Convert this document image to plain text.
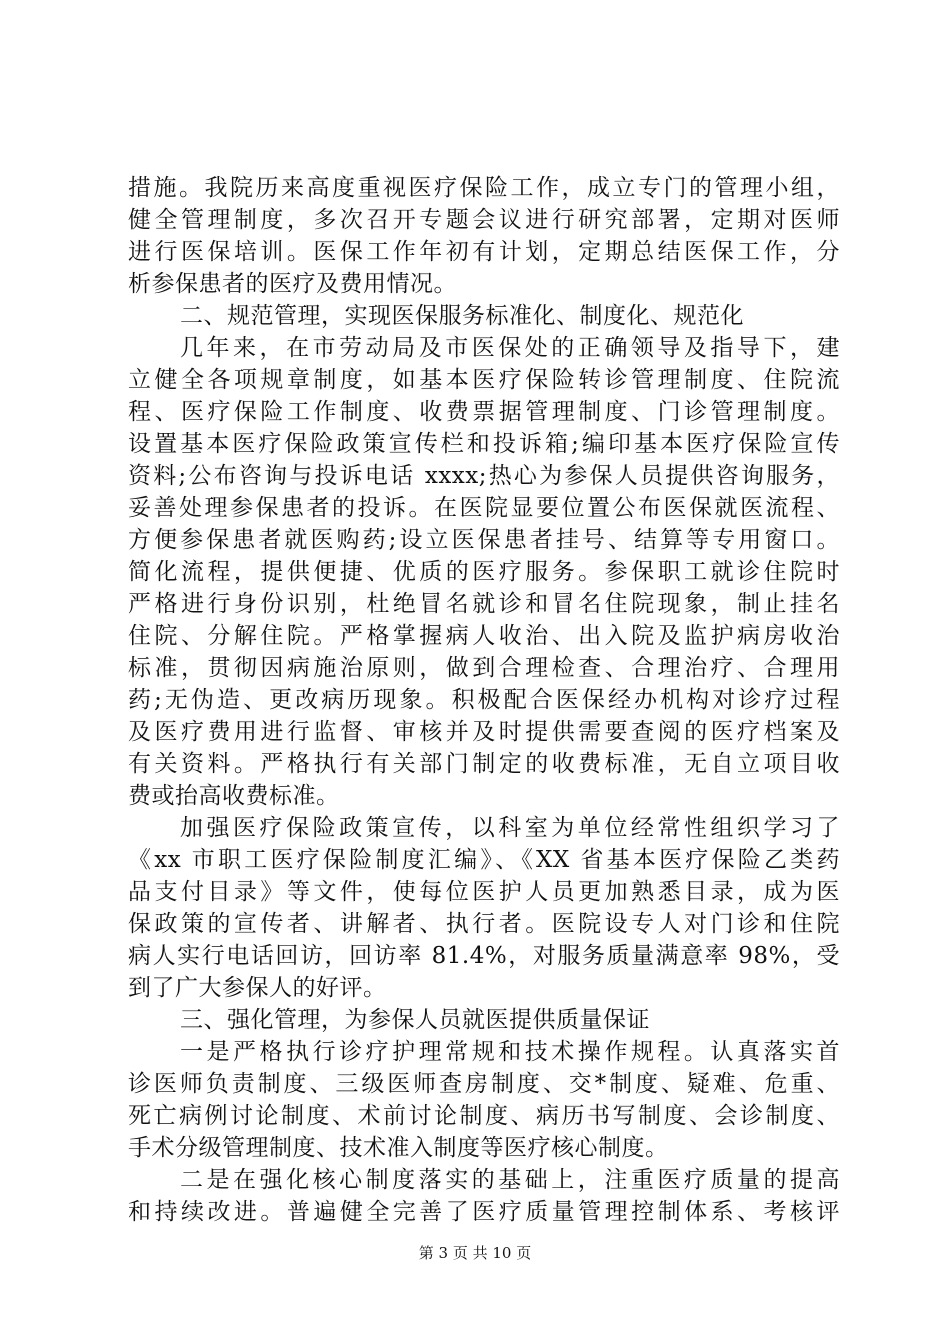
措施。我院历来高度重视医疗保险工作，成立专门的管理小组，
健全管理制度，多次召开专题会议进行研究部署，定期对医师
进行医保培训。医保工作年初有计划，定期总结医保工作，分
析参保患者的医疗及费用情况。
二、规范管理，实现医保服务标准化、制度化、规范化
几年来，在市劳动局及市医保处的正确领导及指导下，建
立健全各项规章制度，如基本医疗保险转诊管理制度、住院流
程、医疗保险工作制度、收费票据管理制度、门诊管理制度。
设置基本医疗保险政策宣传栏和投诉箱;编印基本医疗保险宣传
资料;公布咨询与投诉电话 xxxx;热心为参保人员提供咨询服务，
妥善处理参保患者的投诉。在医院显要位置公布医保就医流程、
方便参保患者就医购药;设立医保患者挂号、结算等专用窗口。
简化流程，提供便捷、优质的医疗服务。参保职工就诊住院时
严格进行身份识别，杜绝冒名就诊和冒名住院现象，制止挂名
住院、分解住院。严格掌握病人收治、出入院及监护病房收治
标准，贯彻因病施治原则，做到合理检查、合理治疗、合理用
药;无伪造、更改病历现象。积极配合医保经办机构对诊疗过程
及医疗费用进行监督、审核并及时提供需要查阅的医疗档案及
有关资料。严格执行有关部门制定的收费标准，无自立项目收
费或抬高收费标准。
加强医疗保险政策宣传，以科室为单位经常性组织学习了
《xx 市职工医疗保险制度汇编》、《XX 省基本医疗保险乙类药
品支付目录》等文件，使每位医护人员更加熟悉目录，成为医
保政策的宣传者、讲解者、执行者。医院设专人对门诊和住院
病人实行电话回访，回访率 81.4%，对服务质量满意率 98%，受
到了广大参保人的好评。
三、强化管理，为参保人员就医提供质量保证
一是严格执行诊疗护理常规和技术操作规程。认真落实首
诊医师负责制度、三级医师查房制度、交*制度、疑难、危重、
死亡病例讨论制度、术前讨论制度、病历书写制度、会诊制度、
手术分级管理制度、技术准入制度等医疗核心制度。
二是在强化核心制度落实的基础上，注重医疗质量的提高
和持续改进。普遍健全完善了医疗质量管理控制体系、考核评
第 3 页 共 10 页
